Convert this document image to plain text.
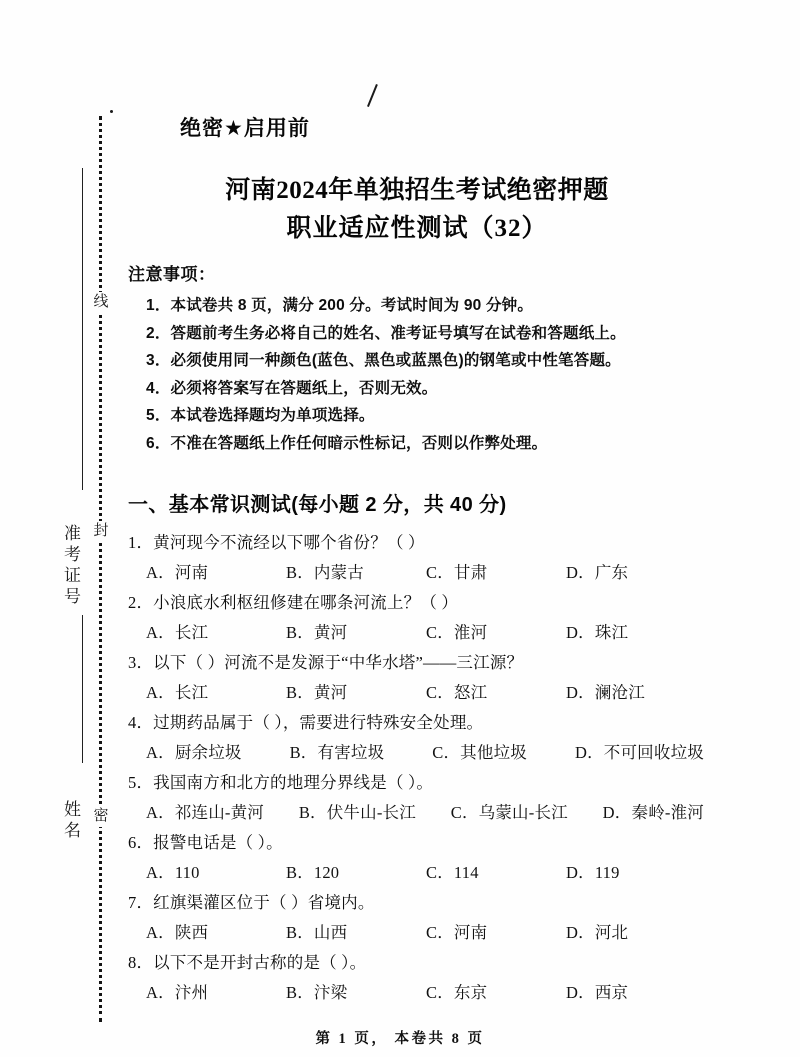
线
封
密
准考证号
姓名
绝密★启用前
河南2024年单独招生考试绝密押题
职业适应性测试（32）
注意事项：
1．本试卷共 8 页，满分 200 分。考试时间为 90 分钟。
2．答题前考生务必将自己的姓名、准考证号填写在试卷和答题纸上。
3．必须使用同一种颜色(蓝色、黑色或蓝黑色)的钢笔或中性笔答题。
4．必须将答案写在答题纸上，否则无效。
5．本试卷选择题均为单项选择。
6．不准在答题纸上作任何暗示性标记，否则以作弊处理。
一、基本常识测试(每小题 2 分，共 40 分)
1．黄河现今不流经以下哪个省份？（ ）
A．河南	B．内蒙古	C．甘肃	D．广东
2．小浪底水利枢纽修建在哪条河流上？（ ）
A．长江	B．黄河	C．淮河	D．珠江
3．以下（ ）河流不是发源于“中华水塔”——三江源？
A．长江	B．黄河	C．怒江	D．澜沧江
4．过期药品属于（ ），需要进行特殊安全处理。
A．厨余垃圾	B．有害垃圾	C．其他垃圾	D．不可回收垃圾
5．我国南方和北方的地理分界线是（ ）。
A．祁连山-黄河 B．伏牛山-长江 C．乌蒙山-长江 D．秦岭-淮河
6．报警电话是（ ）。
A．110	B．120	C．114	D．119
7．红旗渠灌区位于（ ）省境内。
A．陕西	B．山西	C．河南	D．河北
8．以下不是开封古称的是（ ）。
A．汴州	B．汴梁	C．东京	D．西京
第 1 页， 本卷共 8 页
